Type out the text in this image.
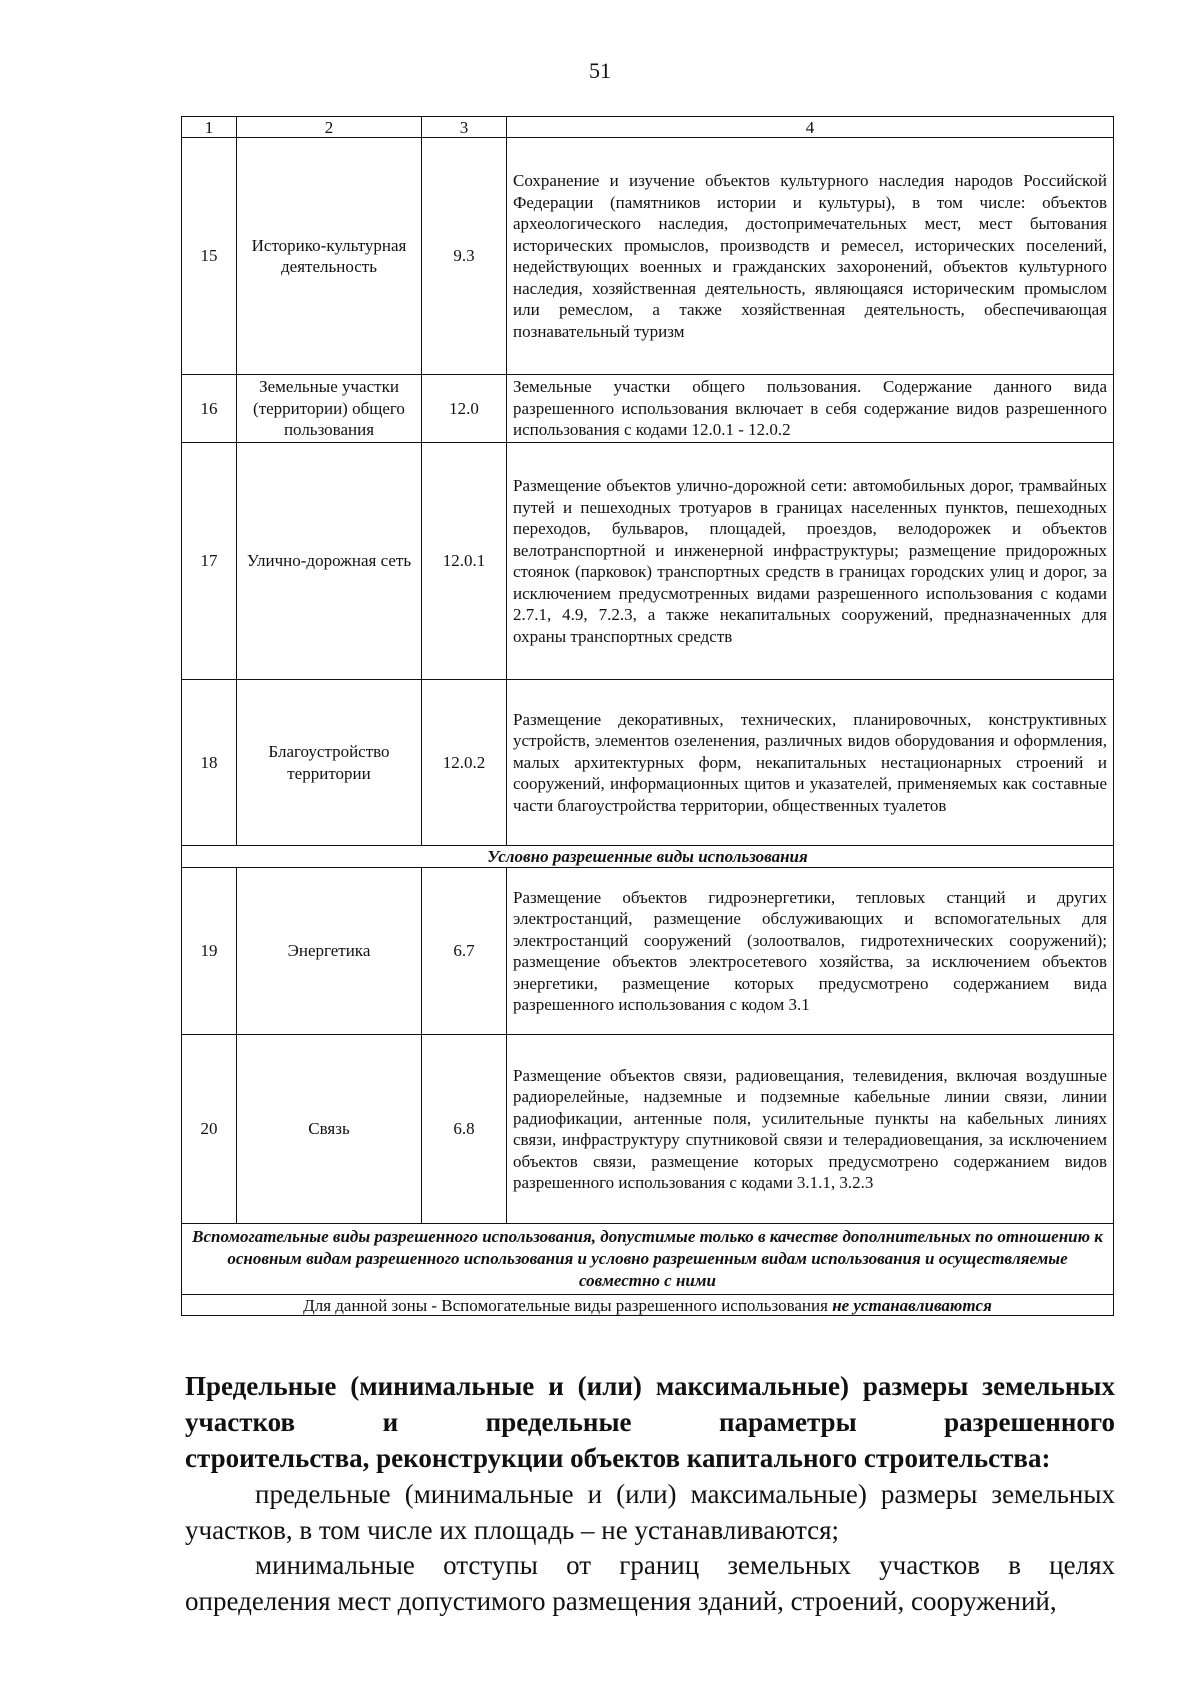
51
1	2	3	4
15	Историко-культурная деятельность	9.3	Сохранение и изучение объектов культурного наследия народов Российской Федерации (памятников истории и культуры), в том числе: объектов археологического наследия, достопримечательных мест, мест бытования исторических промыслов, производств и ремесел, исторических поселений, недействующих военных и гражданских захоронений, объектов культурного наследия, хозяйственная деятельность, являющаяся историческим промыслом или ремеслом, а также хозяйственная деятельность, обеспечивающая познавательный туризм
16	Земельные участки (территории) общего пользования	12.0	Земельные участки общего пользования. Содержание данного вида разрешенного использования включает в себя содержание видов разрешенного использования с кодами 12.0.1 - 12.0.2
17	Улично-дорожная сеть	12.0.1	Размещение объектов улично-дорожной сети: автомобильных дорог, трамвайных путей и пешеходных тротуаров в границах населенных пунктов, пешеходных переходов, бульваров, площадей, проездов, велодорожек и объектов велотранспортной и инженерной инфраструктуры; размещение придорожных стоянок (парковок) транспортных средств в границах городских улиц и дорог, за исключением предусмотренных видами разрешенного использования с кодами 2.7.1, 4.9, 7.2.3, а также некапитальных сооружений, предназначенных для охраны транспортных средств
18	Благоустройство территории	12.0.2	Размещение декоративных, технических, планировочных, конструктивных устройств, элементов озеленения, различных видов оборудования и оформления, малых архитектурных форм, некапитальных нестационарных строений и сооружений, информационных щитов и указателей, применяемых как составные части благоустройства территории, общественных туалетов
Условно разрешенные виды использования			
19	Энергетика	6.7	Размещение объектов гидроэнергетики, тепловых станций и других электростанций, размещение обслуживающих и вспомогательных для электростанций сооружений (золоотвалов, гидротехнических сооружений); размещение объектов электросетевого хозяйства, за исключением объектов энергетики, размещение которых предусмотрено содержанием вида разрешенного использования с кодом 3.1
20	Связь	6.8	Размещение объектов связи, радиовещания, телевидения, включая воздушные радиорелейные, надземные и подземные кабельные линии связи, линии радиофикации, антенные поля, усилительные пункты на кабельных линиях связи, инфраструктуру спутниковой связи и телерадиовещания, за исключением объектов связи, размещение которых предусмотрено содержанием видов разрешенного использования с кодами 3.1.1, 3.2.3
Вспомогательные виды разрешенного использования, допустимые только в качестве дополнительных по отношению к основным видам разрешенного использования и условно разрешенным видам использования и осуществляемые совместно с ними			
Для данной зоны - Вспомогательные виды разрешенного использования не устанавливаются			
Предельные (минимальные и (или) максимальные) размеры земельных участков и предельные параметры разрешенного
строительства, реконструкции объектов капитального строительства:
предельные (минимальные и (или) максимальные) размеры земельных участков, в том числе их площадь – не устанавливаются;
минимальные отступы от границ земельных участков в целях определения мест допустимого размещения зданий, строений, сооружений,
